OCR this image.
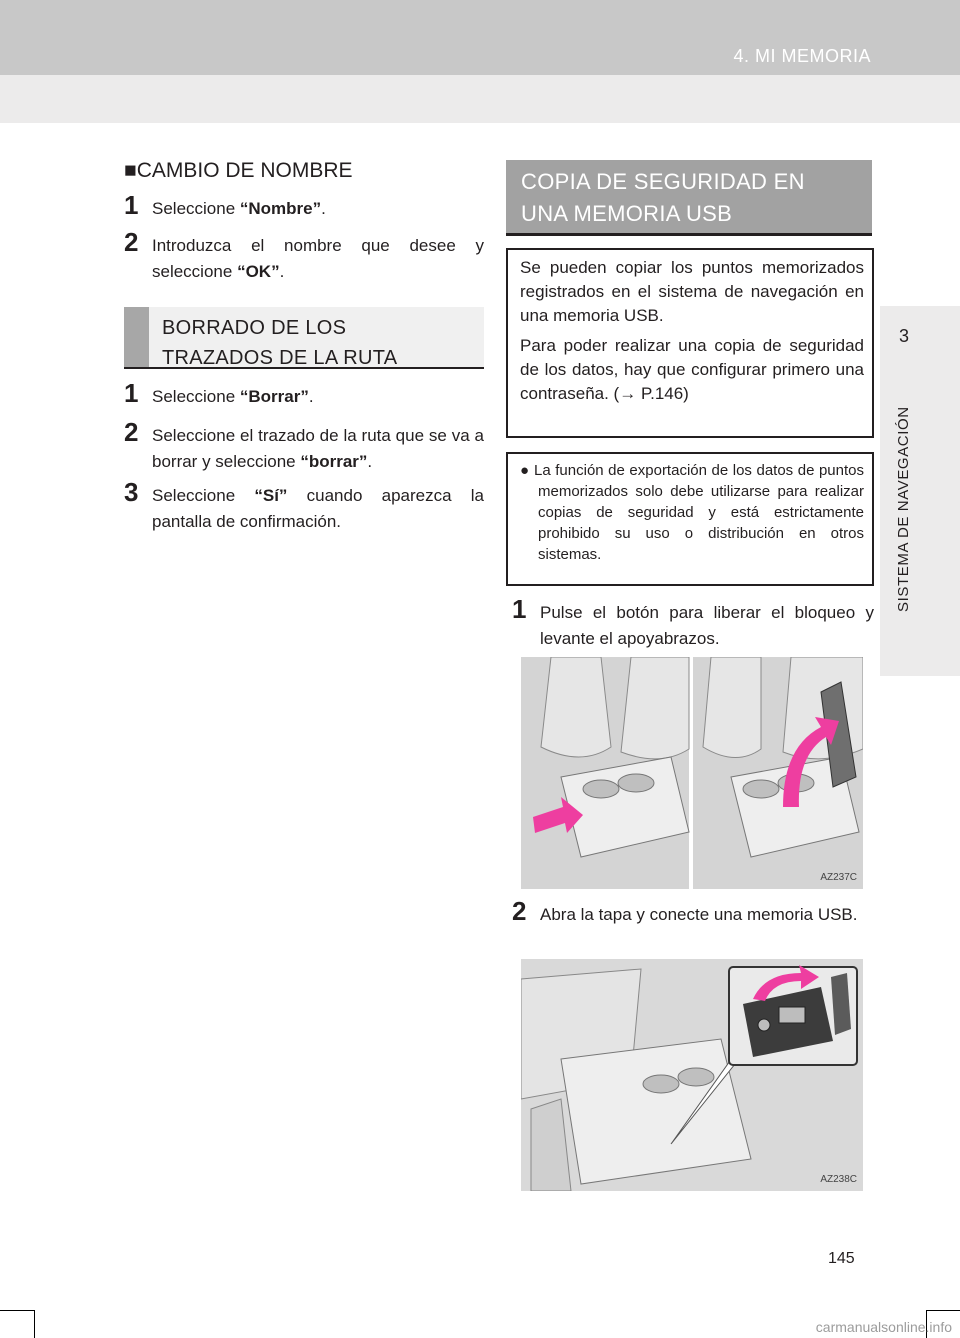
4. MI MEMORIA
3
SISTEMA DE NAVEGACIÓN
■CAMBIO DE NOMBRE
1 Seleccione “Nombre”.
2 Introduzca el nombre que desee y seleccione “OK”.
BORRADO DE LOS
TRAZADOS DE LA RUTA
1 Seleccione “Borrar”.
2 Seleccione el trazado de la ruta que se va a borrar y seleccione “borrar”.
3 Seleccione “Sí” cuando aparezca la pantalla de confirmación.
COPIA DE SEGURIDAD EN
UNA MEMORIA USB

Se pueden copiar los puntos memorizados registrados en el sistema de navegación en una memoria USB.

Para poder realizar una copia de seguridad de los datos, hay que configurar primero una contraseña. (→ P.146)

● La función de exportación de los datos de puntos memorizados solo debe utilizarse para realizar copias de seguridad y está estrictamente prohibido su uso o distribución en otros sistemas.

1 Pulse el botón para liberar el bloqueo y levante el apoyabrazos.
AZ237C
2 Abra la tapa y conecte una memoria USB.
AZ238C
145
carmanualsonline.info
